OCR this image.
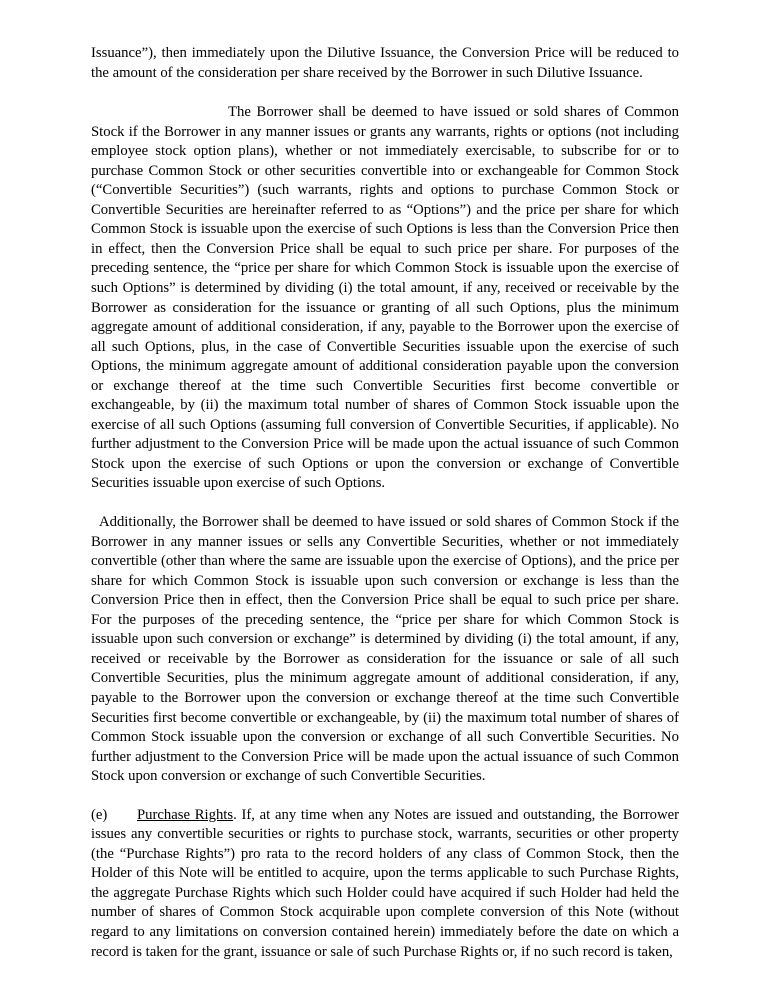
Issuance”), then immediately upon the Dilutive Issuance, the Conversion Price will be reduced to the amount of the consideration per share received by the Borrower in such Dilutive Issuance.

The Borrower shall be deemed to have issued or sold shares of Common Stock if the Borrower in any manner issues or grants any warrants, rights or options (not including employee stock option plans), whether or not immediately exercisable, to subscribe for or to purchase Common Stock or other securities convertible into or exchangeable for Common Stock (“Convertible Securities”) (such warrants, rights and options to purchase Common Stock or Convertible Securities are hereinafter referred to as “Options”) and the price per share for which Common Stock is issuable upon the exercise of such Options is less than the Conversion Price then in effect, then the Conversion Price shall be equal to such price per share. For purposes of the preceding sentence, the “price per share for which Common Stock is issuable upon the exercise of such Options” is determined by dividing (i) the total amount, if any, received or receivable by the Borrower as consideration for the issuance or granting of all such Options, plus the minimum aggregate amount of additional consideration, if any, payable to the Borrower upon the exercise of all such Options, plus, in the case of Convertible Securities issuable upon the exercise of such Options, the minimum aggregate amount of additional consideration payable upon the conversion or exchange thereof at the time such Convertible Securities first become convertible or exchangeable, by (ii) the maximum total number of shares of Common Stock issuable upon the exercise of all such Options (assuming full conversion of Convertible Securities, if applicable). No further adjustment to the Conversion Price will be made upon the actual issuance of such Common Stock upon the exercise of such Options or upon the conversion or exchange of Convertible Securities issuable upon exercise of such Options.

Additionally, the Borrower shall be deemed to have issued or sold shares of Common Stock if the Borrower in any manner issues or sells any Convertible Securities, whether or not immediately convertible (other than where the same are issuable upon the exercise of Options), and the price per share for which Common Stock is issuable upon such conversion or exchange is less than the Conversion Price then in effect, then the Conversion Price shall be equal to such price per share. For the purposes of the preceding sentence, the “price per share for which Common Stock is issuable upon such conversion or exchange” is determined by dividing (i) the total amount, if any, received or receivable by the Borrower as consideration for the issuance or sale of all such Convertible Securities, plus the minimum aggregate amount of additional consideration, if any, payable to the Borrower upon the conversion or exchange thereof at the time such Convertible Securities first become convertible or exchangeable, by (ii) the maximum total number of shares of Common Stock issuable upon the conversion or exchange of all such Convertible Securities. No further adjustment to the Conversion Price will be made upon the actual issuance of such Common Stock upon conversion or exchange of such Convertible Securities.

(e) Purchase Rights. If, at any time when any Notes are issued and outstanding, the Borrower issues any convertible securities or rights to purchase stock, warrants, securities or other property (the “Purchase Rights”) pro rata to the record holders of any class of Common Stock, then the Holder of this Note will be entitled to acquire, upon the terms applicable to such Purchase Rights, the aggregate Purchase Rights which such Holder could have acquired if such Holder had held the number of shares of Common Stock acquirable upon complete conversion of this Note (without regard to any limitations on conversion contained herein) immediately before the date on which a record is taken for the grant, issuance or sale of such Purchase Rights or, if no such record is taken,
